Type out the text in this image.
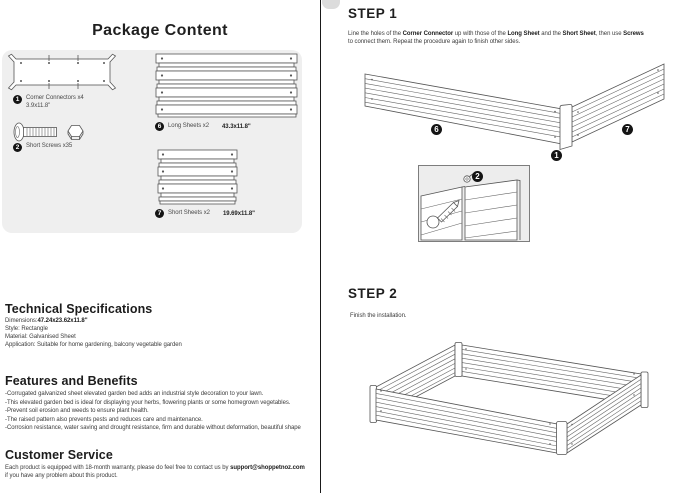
Package Content
1	Corner Connectors x4
3.9x11.8"
2	Short Screws x35
6	Long Sheets x2 43.3x11.8"
7	Short Sheets x2 19.69x11.8"
Technical Specifications

Dimensions:47.24x23.62x11.8"

Style: Rectangle

Material: Galvanised Sheet

Application: Suitable for home gardening, balcony vegetable garden

Features and Benefits

-Corrugated galvanized sheet elevated garden bed adds an industrial style decoration to your lawn.

-This elevated garden bed is ideal for displaying your herbs, flowering plants or some homegrown vegetables.

-Prevent soil erosion and weeds to ensure plant health.

-The raised pattern also prevents pests and reduces care and maintenance.

-Corrosion resistance, water saving and drought resistance, firm and durable without deformation, beautiful shape

Customer Service

Each product is equipped with 18-month warranty, please do feel free to contact us by support@shoppetnoz.com

if you have any problem about this product.

STEP 1

Line the holes of the Corner Connector up with those of the Long Sheet and the Short Sheet, then use Screws

to connect them. Repeat the procedure again to finish other sides.

6	7
1
2
STEP 2

Finish the installation.
